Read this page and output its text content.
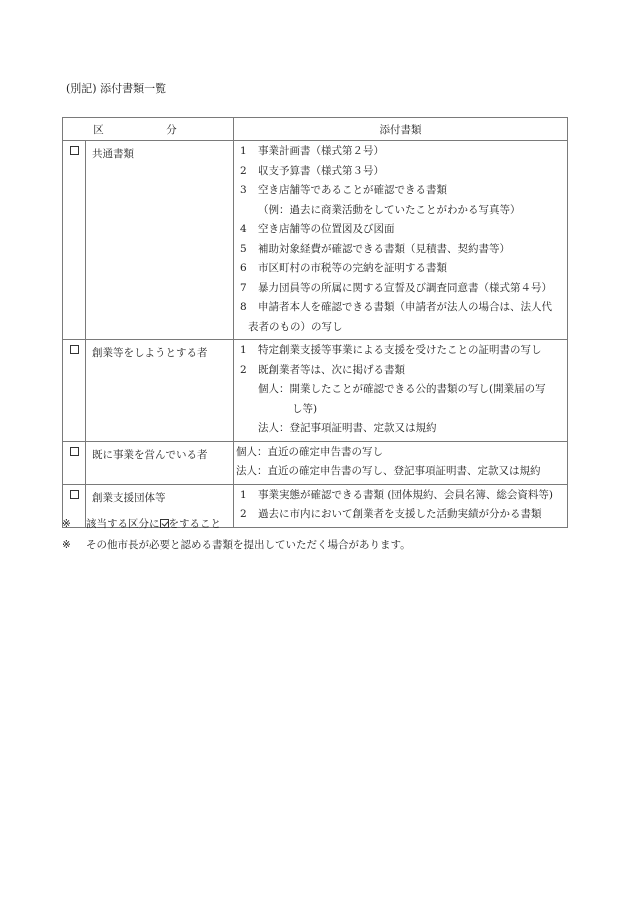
(別記) 添付書類一覧
区　分		添付書類

共通書類	1 事業計画書（様式第２号）
2 収支予算書（様式第３号）
3 空き店舗等であることが確認できる書類
（例：過去に商業活動をしていたことがわかる写真等）
4 空き店舗等の位置図及び図面
5 補助対象経費が確認できる書類（見積書、契約書等）
6 市区町村の市税等の完納を証明する書類
7 暴力団員等の所属に関する宣誓及び調査同意書（様式第４号）
8 申請者本人を確認できる書類（申請者が法人の場合は、法人代
表者のもの）の写し

	創業等をしようとする者	1 特定創業支援等事業による支援を受けたことの証明書の写し
2 既創業者等は、次に掲げる書類
個人：開業したことが確認できる公的書類の写し(開業届の写
し等)
法人：登記事項証明書、定款又は規約

	既に事業を営んでいる者	個人：直近の確定申告書の写し
法人：直近の確定申告書の写し、登記事項証明書、定款又は規約

	創業支援団体等	1 事業実態が確認できる書類 (団体規約、会員名簿、総会資料等)
2 過去に市内において創業者を支援した活動実績が分かる書類
※ 該当する区分に をすること
※ その他市長が必要と認める書類を提出していただく場合があります。
